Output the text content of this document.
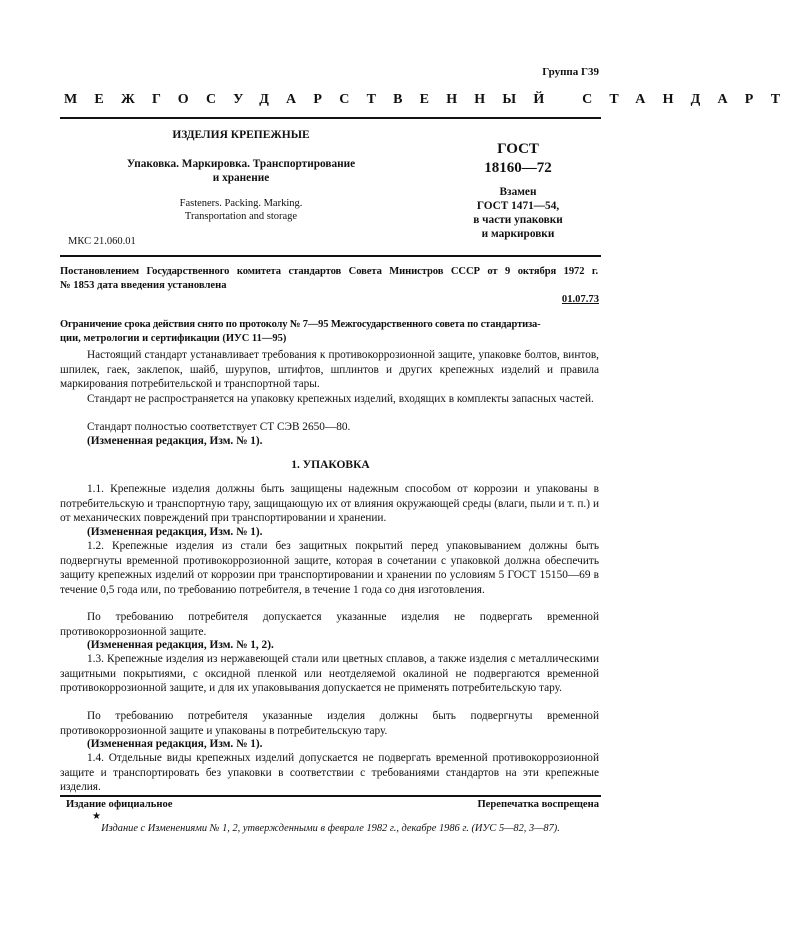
Группа Г39
МЕЖГОСУДАРСТВЕННЫЙ СТАНДАРТ
ИЗДЕЛИЯ КРЕПЕЖНЫЕ
Упаковка. Маркировка. Транспортирование
и хранение
Fasteners. Packing. Marking.
Transportation and storage
МКС 21.060.01
ГОСТ
18160—72
Взамен
ГОСТ 1471—54,
в части упаковки
и маркировки
Постановлением Государственного комитета стандартов Совета Министров СССР от 9 октября 1972 г.
№ 1853 дата введения установлена
01.07.73
Ограничение срока действия снято по протоколу № 7—95 Межгосударственного совета по стандартиза-
ции, метрологии и сертификации (ИУС 11—95)
Настоящий стандарт устанавливает требования к противокоррозионной защите, упаковке болтов, винтов, шпилек, гаек, заклепок, шайб, шурупов, штифтов, шплинтов и других крепежных изделий и правила маркирования потребительской и транспортной тары.
Стандарт не распространяется на упаковку крепежных изделий, входящих в комплекты запасных частей.
Стандарт полностью соответствует СТ СЭВ 2650—80.
(Измененная редакция, Изм. № 1).
1. УПАКОВКА
1.1. Крепежные изделия должны быть защищены надежным способом от коррозии и упакованы в потребительскую и транспортную тару, защищающую их от влияния окружающей среды (влаги, пыли и т. п.) и от механических повреждений при транспортировании и хранении.
(Измененная редакция, Изм. № 1).
1.2. Крепежные изделия из стали без защитных покрытий перед упаковыванием должны быть подвергнуты временной противокоррозионной защите, которая в сочетании с упаковкой должна обеспечить защиту крепежных изделий от коррозии при транспортировании и хранении по условиям 5 ГОСТ 15150—69 в течение 0,5 года или, по требованию потребителя, в течение 1 года со дня изготовления.
По требованию потребителя допускается указанные изделия не подвергать временной противокоррозионной защите.
(Измененная редакция, Изм. № 1, 2).
1.3. Крепежные изделия из нержавеющей стали или цветных сплавов, а также изделия с металлическими защитными покрытиями, с оксидной пленкой или неотделяемой окалиной не подвергаются временной противокоррозионной защите, и для их упаковывания допускается не применять потребительскую тару.
По требованию потребителя указанные изделия должны быть подвергнуты временной противокоррозионной защите и упакованы в потребительскую тару.
(Измененная редакция, Изм. № 1).
1.4. Отдельные виды крепежных изделий допускается не подвергать временной противокоррозионной защите и транспортировать без упаковки в соответствии с требованиями стандартов на эти крепежные изделия.
Издание официальное	Перепечатка воспрещена
★
Издание с Изменениями № 1, 2, утвержденными в феврале 1982 г., декабре 1986 г. (ИУС 5—82, 3—87).
